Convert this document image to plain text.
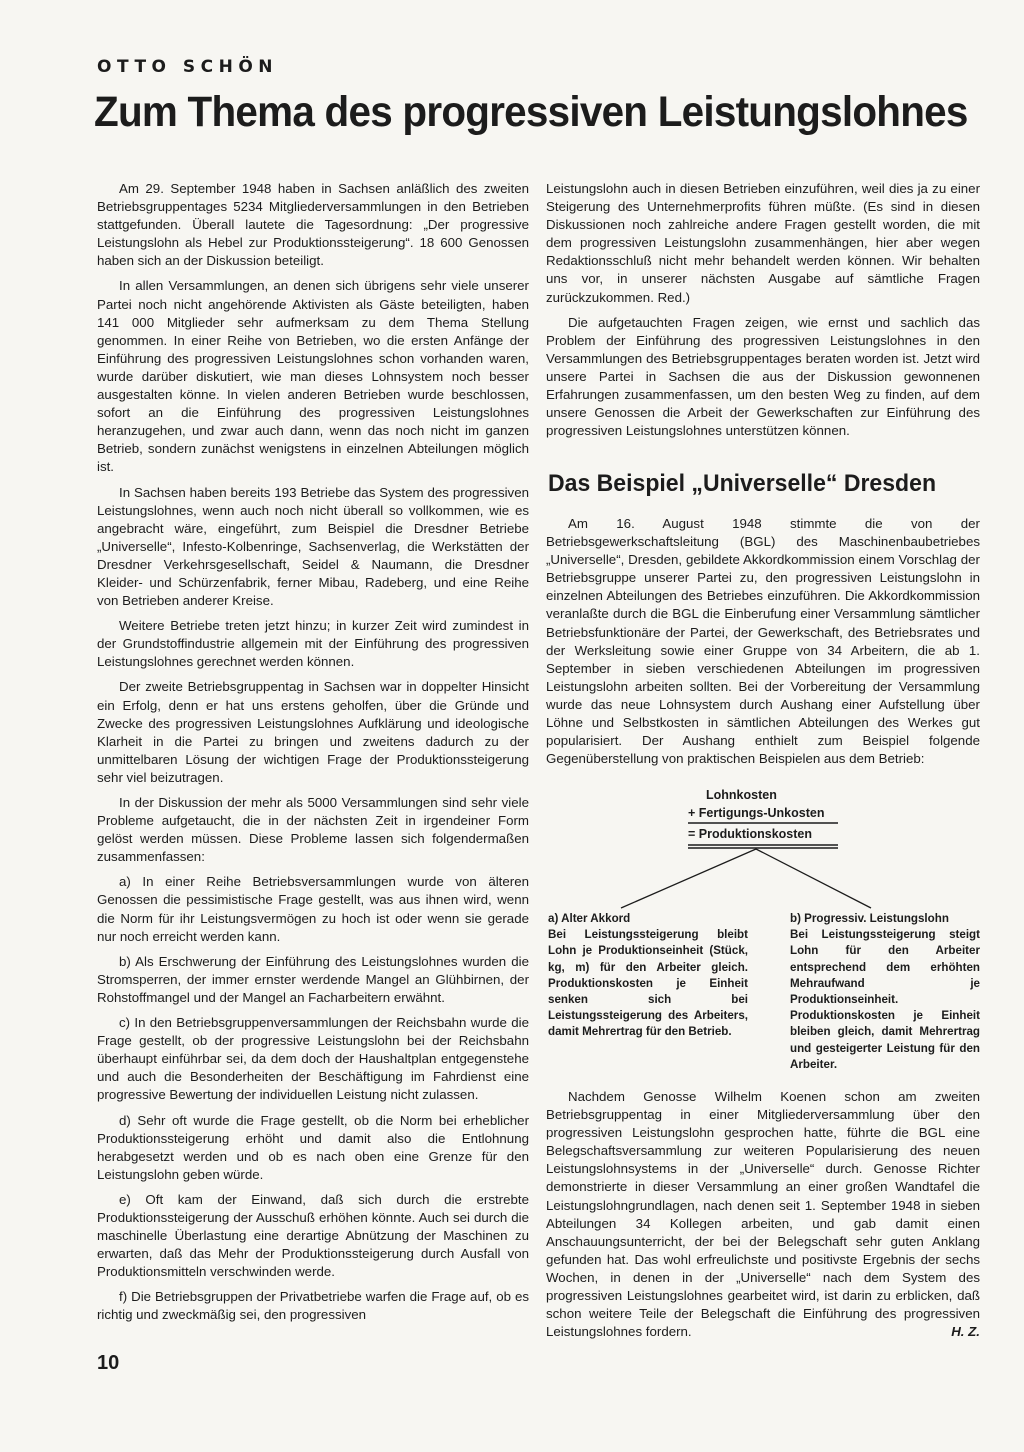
OTTO SCHÖN
Zum Thema des progressiven Leistungslohnes

Am 29. September 1948 haben in Sachsen anläßlich des zweiten Betriebsgruppentages 5234 Mitgliederversammlungen in den Betrieben stattgefunden. Überall lautete die Tagesordnung: „Der progressive Leistungslohn als Hebel zur Produktionssteigerung“. 18 600 Genossen haben sich an der Diskussion beteiligt.

In allen Versammlungen, an denen sich übrigens sehr viele unserer Partei noch nicht angehörende Aktivisten als Gäste beteiligten, haben 141 000 Mitglieder sehr aufmerksam zu dem Thema Stellung genommen. In einer Reihe von Betrieben, wo die ersten Anfänge der Einführung des progressiven Leistungslohnes schon vorhanden waren, wurde darüber diskutiert, wie man dieses Lohnsystem noch besser ausgestalten könne. In vielen anderen Betrieben wurde beschlossen, sofort an die Einführung des progressiven Leistungslohnes heranzugehen, und zwar auch dann, wenn das noch nicht im ganzen Betrieb, sondern zunächst wenigstens in einzelnen Abteilungen möglich ist.

In Sachsen haben bereits 193 Betriebe das System des progressiven Leistungslohnes, wenn auch noch nicht überall so vollkommen, wie es angebracht wäre, eingeführt, zum Beispiel die Dresdner Betriebe „Universelle“, Infesto-Kolbenringe, Sachsenverlag, die Werkstätten der Dresdner Verkehrsgesellschaft, Seidel & Naumann, die Dresdner Kleider- und Schürzenfabrik, ferner Mibau, Radeberg, und eine Reihe von Betrieben anderer Kreise.

Weitere Betriebe treten jetzt hinzu; in kurzer Zeit wird zumindest in der Grundstoffindustrie allgemein mit der Einführung des progressiven Leistungslohnes gerechnet werden können.

Der zweite Betriebsgruppentag in Sachsen war in doppelter Hinsicht ein Erfolg, denn er hat uns erstens geholfen, über die Gründe und Zwecke des progressiven Leistungslohnes Aufklärung und ideologische Klarheit in die Partei zu bringen und zweitens dadurch zu der unmittelbaren Lösung der wichtigen Frage der Produktionssteigerung sehr viel beizutragen.

In der Diskussion der mehr als 5000 Versammlungen sind sehr viele Probleme aufgetaucht, die in der nächsten Zeit in irgendeiner Form gelöst werden müssen. Diese Probleme lassen sich folgendermaßen zusammenfassen:

a) In einer Reihe Betriebsversammlungen wurde von älteren Genossen die pessimistische Frage gestellt, was aus ihnen wird, wenn die Norm für ihr Leistungsvermögen zu hoch ist oder wenn sie gerade nur noch erreicht werden kann.

b) Als Erschwerung der Einführung des Leistungslohnes wurden die Stromsperren, der immer ernster werdende Mangel an Glühbirnen, der Rohstoffmangel und der Mangel an Facharbeitern erwähnt.

c) In den Betriebsgruppenversammlungen der Reichsbahn wurde die Frage gestellt, ob der progressive Leistungslohn bei der Reichsbahn überhaupt einführbar sei, da dem doch der Haushaltplan entgegenstehe und auch die Besonderheiten der Beschäftigung im Fahrdienst eine progressive Bewertung der individuellen Leistung nicht zulassen.

d) Sehr oft wurde die Frage gestellt, ob die Norm bei erheblicher Produktionssteigerung erhöht und damit also die Entlohnung herabgesetzt werden und ob es nach oben eine Grenze für den Leistungslohn geben würde.

e) Oft kam der Einwand, daß sich durch die erstrebte Produktionssteigerung der Ausschuß erhöhen könnte. Auch sei durch die maschinelle Überlastung eine derartige Abnützung der Maschinen zu erwarten, daß das Mehr der Produktionssteigerung durch Ausfall von Produktionsmitteln verschwinden werde.

f) Die Betriebsgruppen der Privatbetriebe warfen die Frage auf, ob es richtig und zweckmäßig sei, den progressiven

Leistungslohn auch in diesen Betrieben einzuführen, weil dies ja zu einer Steigerung des Unternehmerprofits führen müßte. (Es sind in diesen Diskussionen noch zahlreiche andere Fragen gestellt worden, die mit dem progressiven Leistungslohn zusammenhängen, hier aber wegen Redaktionsschluß nicht mehr behandelt werden können. Wir behalten uns vor, in unserer nächsten Ausgabe auf sämtliche Fragen zurückzukommen. Red.)

Die aufgetauchten Fragen zeigen, wie ernst und sachlich das Problem der Einführung des progressiven Leistungslohnes in den Versammlungen des Betriebsgruppentages beraten worden ist. Jetzt wird unsere Partei in Sachsen die aus der Diskussion gewonnenen Erfahrungen zusammenfassen, um den besten Weg zu finden, auf dem unsere Genossen die Arbeit der Gewerkschaften zur Einführung des progressiven Leistungslohnes unterstützen können.

Das Beispiel „Universelle“ Dresden

Am 16. August 1948 stimmte die von der Betriebsgewerkschaftsleitung (BGL) des Maschinenbaubetriebes „Universelle“, Dresden, gebildete Akkordkommission einem Vorschlag der Betriebsgruppe unserer Partei zu, den progressiven Leistungslohn in einzelnen Abteilungen des Betriebes einzuführen. Die Akkordkommission veranlaßte durch die BGL die Einberufung einer Versammlung sämtlicher Betriebsfunktionäre der Partei, der Gewerkschaft, des Betriebsrates und der Werksleitung sowie einer Gruppe von 34 Arbeitern, die ab 1. September in sieben verschiedenen Abteilungen im progressiven Leistungslohn arbeiten sollten. Bei der Vorbereitung der Versammlung wurde das neue Lohnsystem durch Aushang einer Aufstellung über Löhne und Selbstkosten in sämtlichen Abteilungen des Werkes gut popularisiert. Der Aushang enthielt zum Beispiel folgende Gegenüberstellung von praktischen Beispielen aus dem Betrieb:

Lohnkosten
+ Fertigungs-Unkosten
= Produktionskosten
a) Alter Akkord
Bei Leistungssteigerung bleibt Lohn je Produktionseinheit (Stück, kg, m) für den Arbeiter gleich. Produktionskosten je Einheit senken sich bei Leistungssteigerung des Arbeiters, damit Mehrertrag für den Betrieb.
b) Progressiv. Leistungslohn
Bei Leistungssteigerung steigt Lohn für den Arbeiter entsprechend dem erhöhten Mehraufwand je Produktionseinheit. Produktionskosten je Einheit bleiben gleich, damit Mehrertrag und gesteigerter Leistung für den Arbeiter.

Nachdem Genosse Wilhelm Koenen schon am zweiten Betriebsgruppentag in einer Mitgliederversammlung über den progressiven Leistungslohn gesprochen hatte, führte die BGL eine Belegschaftsversammlung zur weiteren Popularisierung des neuen Leistungslohnsystems in der „Universelle“ durch. Genosse Richter demonstrierte in dieser Versammlung an einer großen Wandtafel die Leistungslohngrundlagen, nach denen seit 1. September 1948 in sieben Abteilungen 34 Kollegen arbeiten, und gab damit einen Anschauungsunterricht, der bei der Belegschaft sehr guten Anklang gefunden hat. Das wohl erfreulichste und positivste Ergebnis der sechs Wochen, in denen in der „Universelle“ nach dem System des progressiven Leistungslohnes gearbeitet wird, ist darin zu erblicken, daß schon weitere Teile der Belegschaft die Einführung des progressiven Leistungslohnes fordern.	H. Z.

10
